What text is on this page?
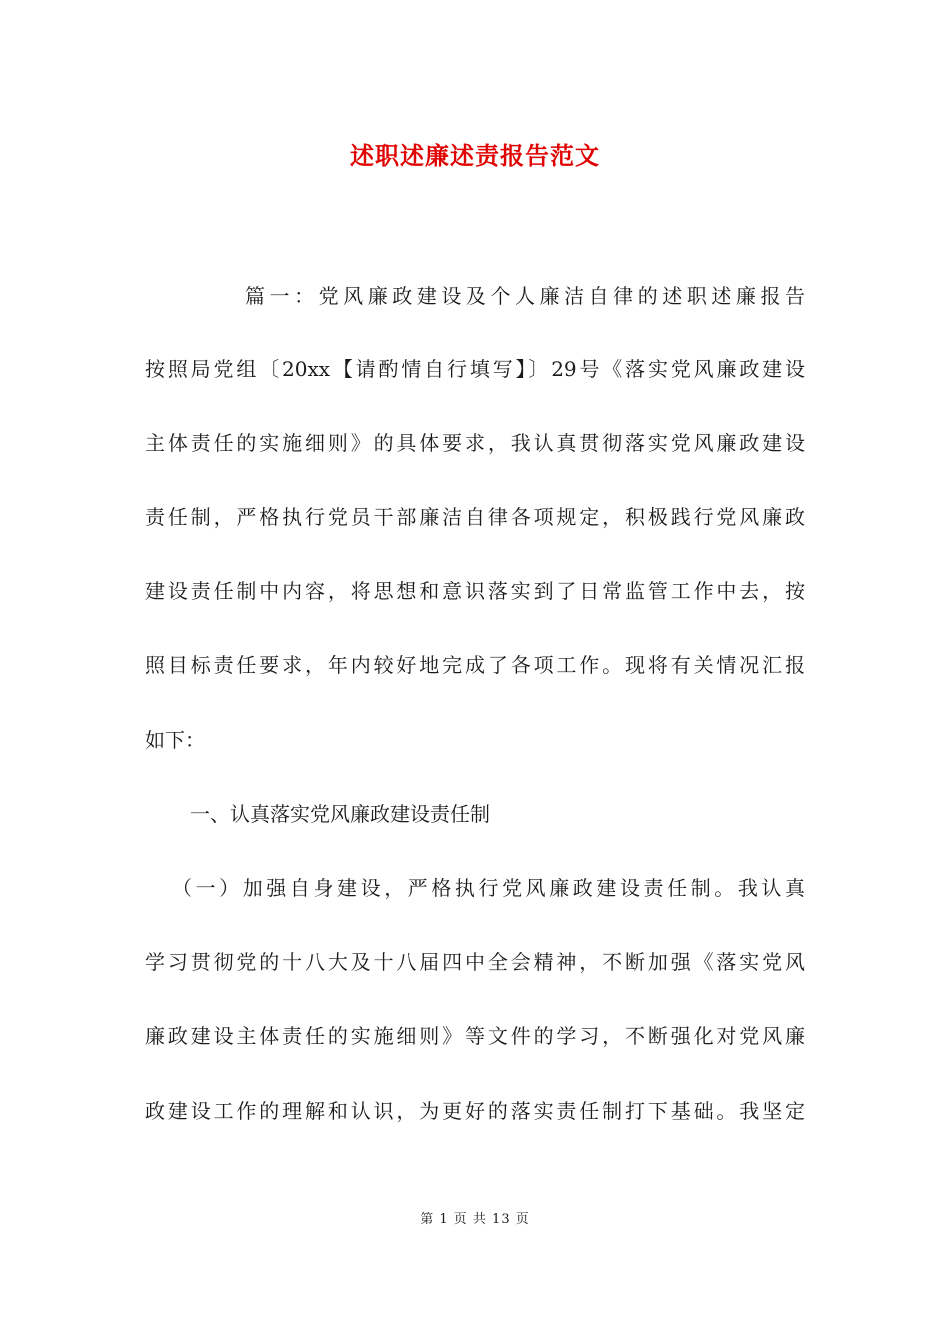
述职述廉述责报告范文
篇一：党风廉政建设及个人廉洁自律的述职述廉报告
按照局党组〔20xx【请酌情自行填写】〕29号《落实党风廉政建设
主体责任的实施细则》的具体要求，我认真贯彻落实党风廉政建设
责任制，严格执行党员干部廉洁自律各项规定，积极践行党风廉政
建设责任制中内容，将思想和意识落实到了日常监管工作中去，按
照目标责任要求，年内较好地完成了各项工作。现将有关情况汇报
如下：
一、认真落实党风廉政建设责任制
（一）加强自身建设，严格执行党风廉政建设责任制。我认真
学习贯彻党的十八大及十八届四中全会精神，不断加强《落实党风
廉政建设主体责任的实施细则》等文件的学习，不断强化对党风廉
政建设工作的理解和认识，为更好的落实责任制打下基础。我坚定
第 1 页 共 13 页
